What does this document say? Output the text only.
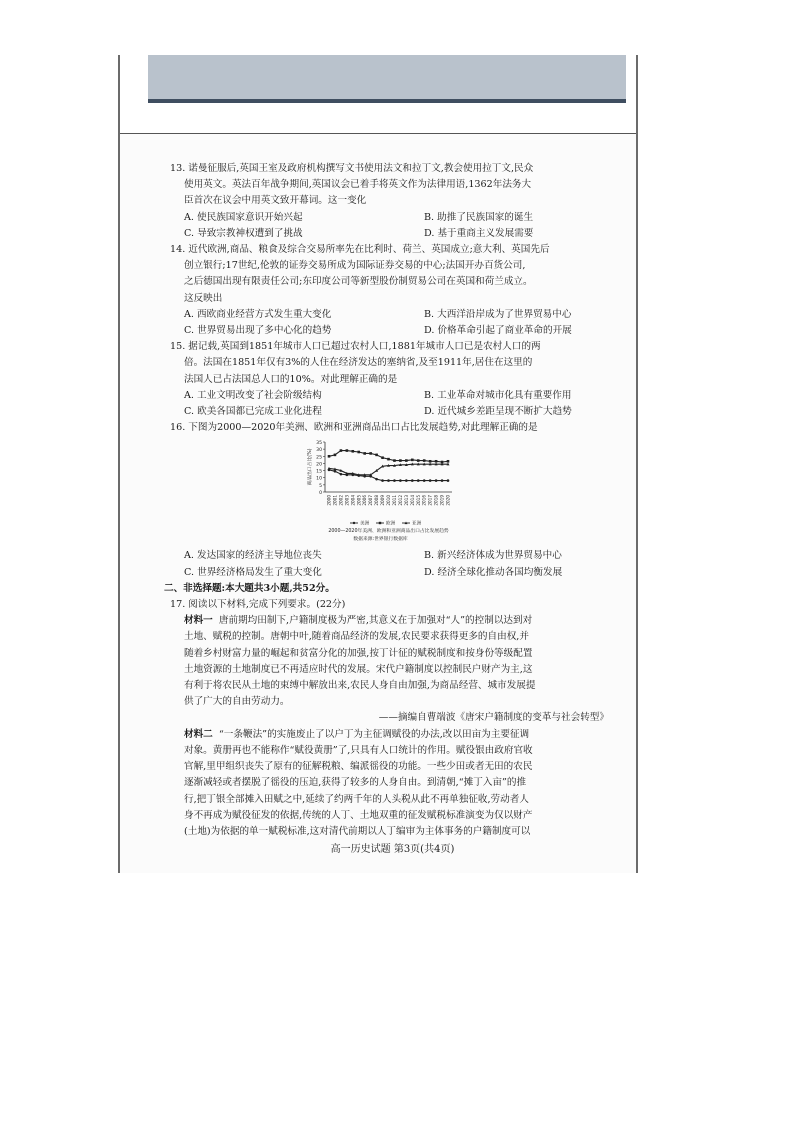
13. 诺曼征服后,英国王室及政府机构撰写文书使用法文和拉丁文,教会使用拉丁文,民众
使用英文。英法百年战争期间,英国议会已着手将英文作为法律用语,1362年法务大
臣首次在议会中用英文致开幕词。这一变化
A. 使民族国家意识开始兴起	B. 助推了民族国家的诞生
C. 导致宗教神权遭到了挑战	D. 基于重商主义发展需要
14. 近代欧洲,商品、粮食及综合交易所率先在比利时、荷兰、英国成立;意大利、英国先后
创立银行;17世纪,伦敦的证券交易所成为国际证券交易的中心;法国开办百货公司,
之后德国出现有限责任公司;东印度公司等新型股份制贸易公司在英国和荷兰成立。
这反映出
A. 西欧商业经营方式发生重大变化	B. 大西洋沿岸成为了世界贸易中心
C. 世界贸易出现了多中心化的趋势	D. 价格革命引起了商业革命的开展
15. 据记载,英国到1851年城市人口已超过农村人口,1881年城市人口已是农村人口的两
倍。法国在1851年仅有3%的人住在经济发达的塞纳省,及至1911年,居住在这里的
法国人已占法国总人口的10%。对此理解正确的是
A. 工业文明改变了社会阶级结构	B. 工业革命对城市化具有重要作用
C. 欧美各国都已完成工业化进程	D. 近代城乡差距呈现不断扩大趋势
16. 下图为2000—2020年美洲、欧洲和亚洲商品出口占比发展趋势,对此理解正确的是
0
5
10
15
20
25
30
35
商品出口占比(%)
2000 2001 2002 2003 2004 2005 2006 2007 2008 2009 2010 2011 2012 2013 2014 2015 2016 2017 2018 2019 2020
美洲	欧洲	亚洲
2000—2020年美洲、欧洲和亚洲商品出口占比发展趋势
数据来源:世界银行数据库
A. 发达国家的经济主导地位丧失	B. 新兴经济体成为世界贸易中心
C. 世界经济格局发生了重大变化	D. 经济全球化推动各国均衡发展
二、非选择题:本大题共3小题,共52分。
17. 阅读以下材料,完成下列要求。(22分)
材料一 唐前期均田制下,户籍制度极为严密,其意义在于加强对“人”的控制以达到对
土地、赋税的控制。唐朝中叶,随着商品经济的发展,农民要求获得更多的自由权,并
随着乡村财富力量的崛起和贫富分化的加强,按丁计征的赋税制度和按身份等级配置
土地资源的土地制度已不再适应时代的发展。宋代户籍制度以控制民户财产为主,这
有利于将农民从土地的束缚中解放出来,农民人身自由加强,为商品经营、城市发展提
供了广大的自由劳动力。
——摘编自曹端波《唐宋户籍制度的变革与社会转型》
材料二 “一条鞭法”的实施废止了以户丁为主征调赋役的办法,改以田亩为主要征调
对象。黄册再也不能称作“赋役黄册”了,只具有人口统计的作用。赋役银由政府官收
官解,里甲组织丧失了原有的征解税粮、编派徭役的功能。一些少田或者无田的农民
逐渐减轻或者摆脱了徭役的压迫,获得了较多的人身自由。到清朝,“摊丁入亩”的推
行,把丁银全部摊入田赋之中,延续了约两千年的人头税从此不再单独征收,劳动者人
身不再成为赋役征发的依据,传统的人丁、土地双重的征发赋税标准演变为仅以财产
(土地)为依据的单一赋税标准,这对清代前期以人丁编审为主体事务的户籍制度可以
高一历史试题 第3页(共4页)
